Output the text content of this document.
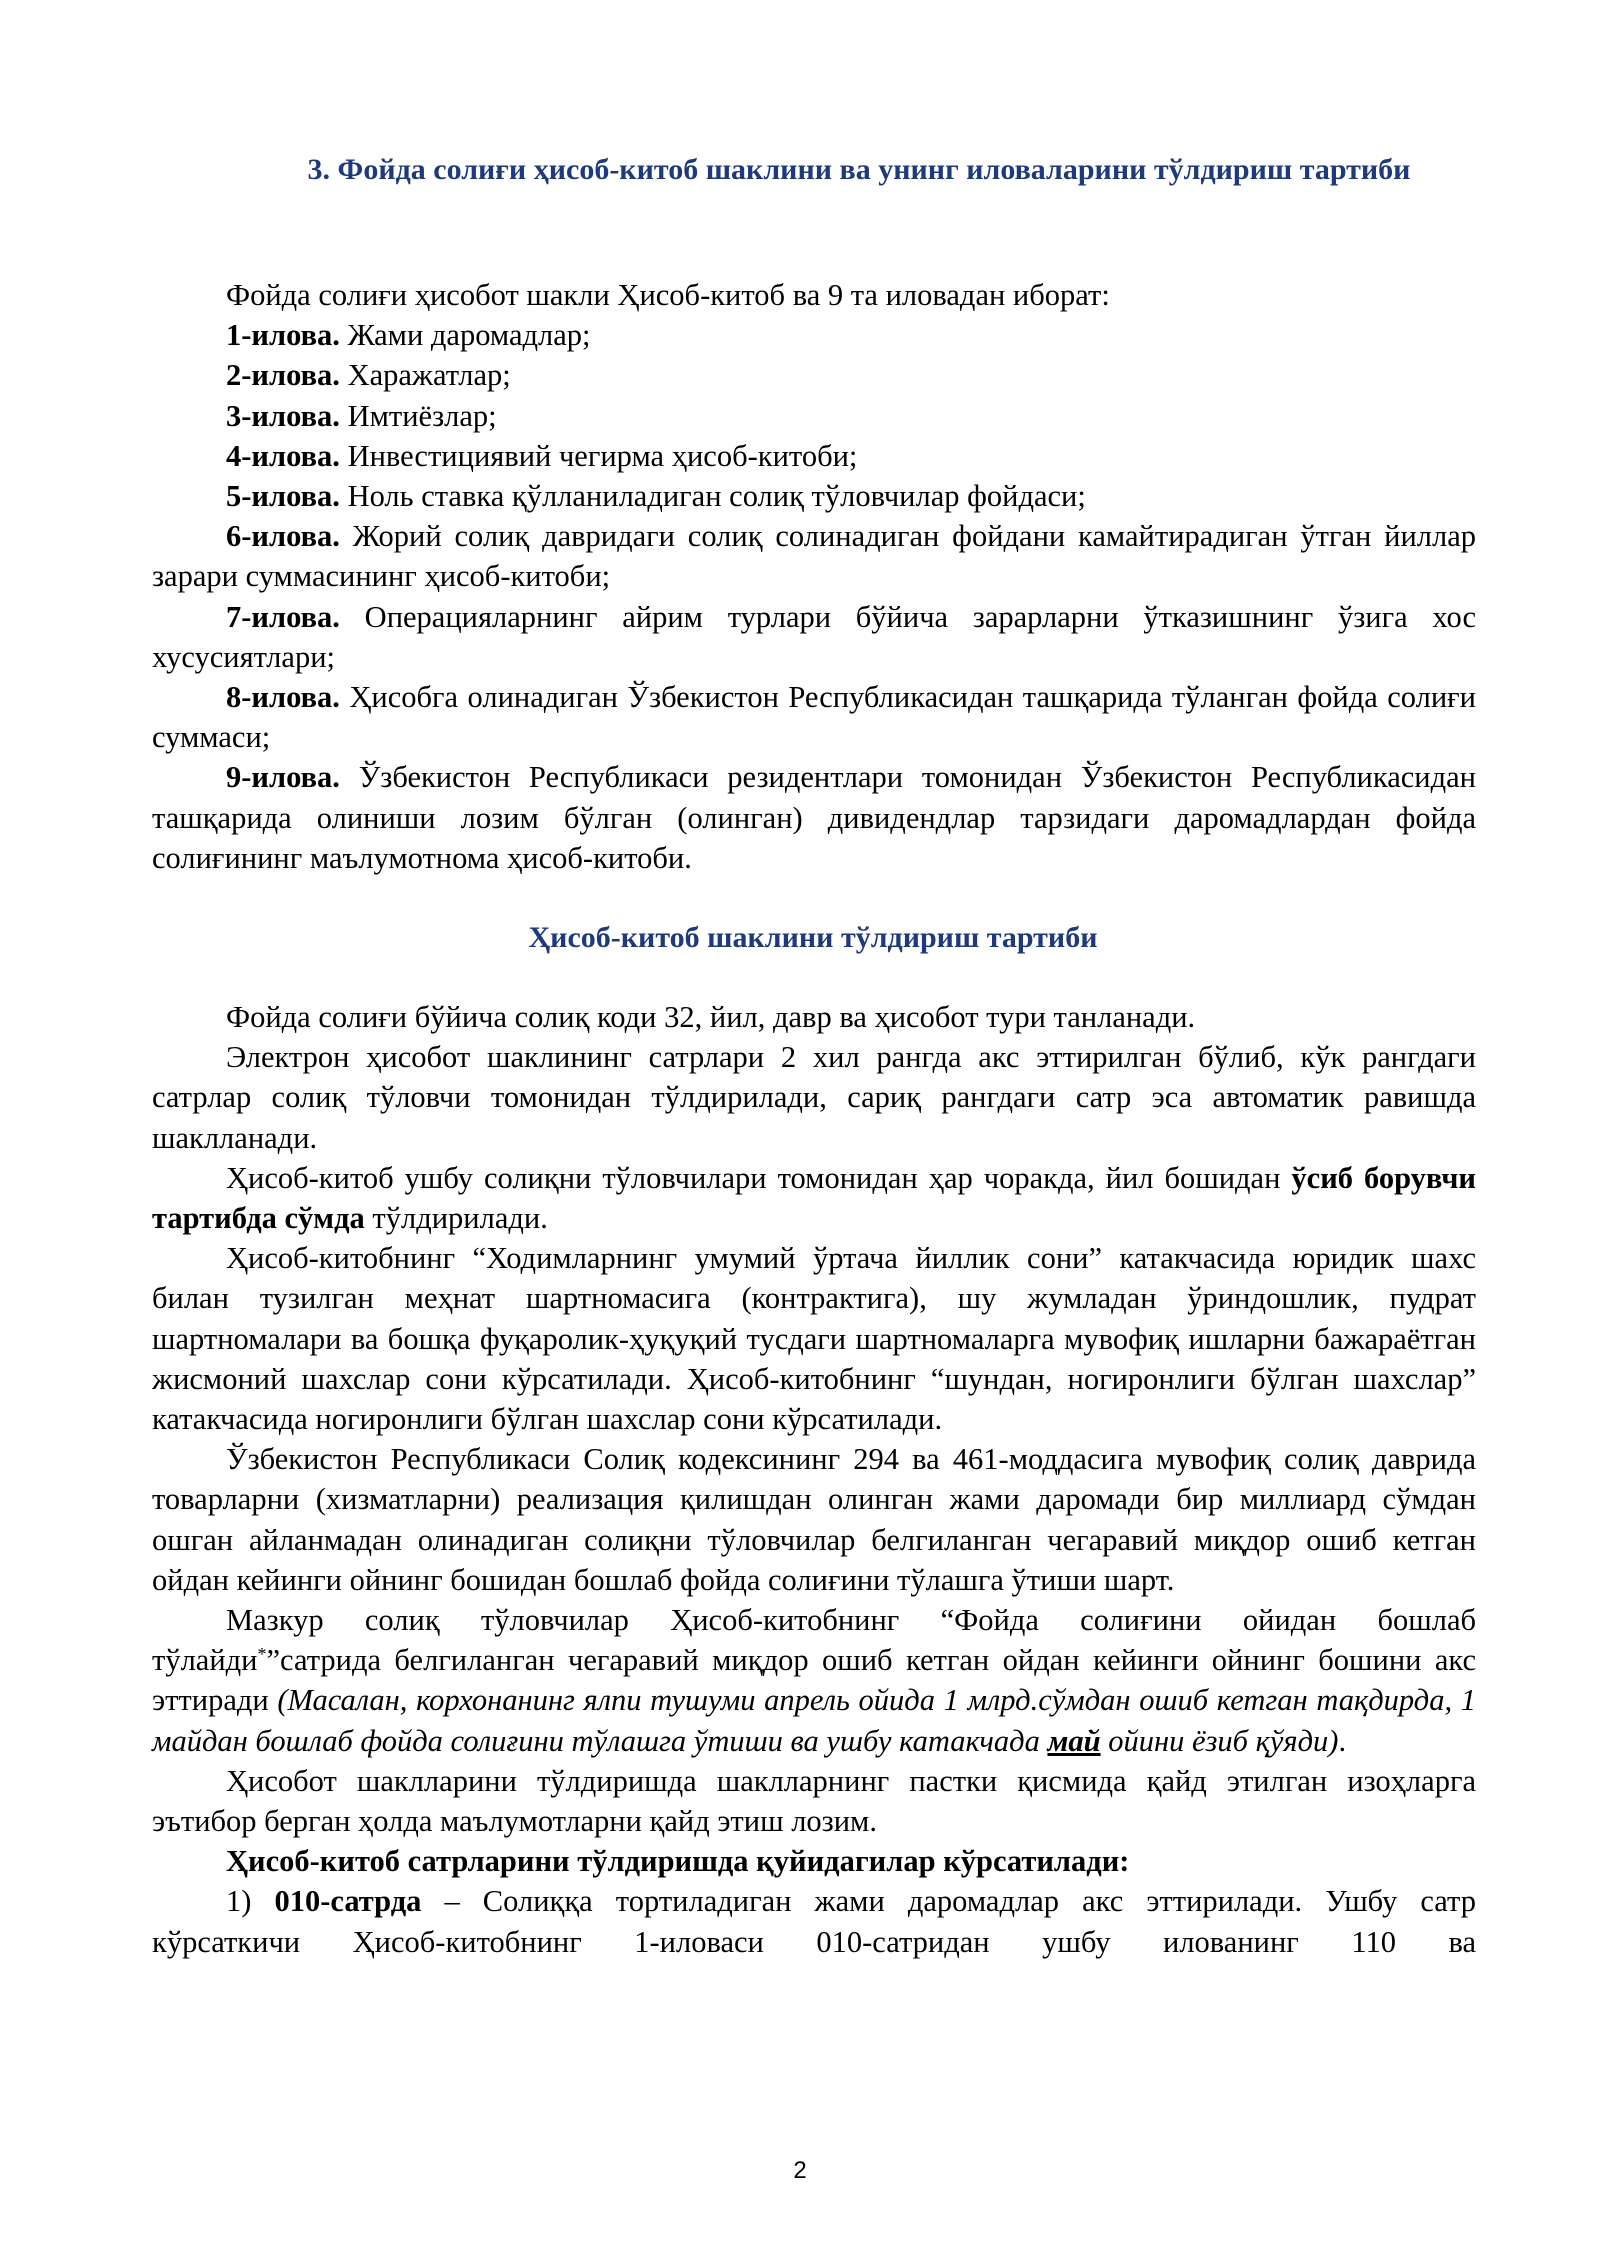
3. Фойда солиғи ҳисоб-китоб шаклини ва унинг иловаларини тўлдириш тартиби

Фойда солиғи ҳисобот шакли Ҳисоб-китоб ва 9 та иловадан иборат:

1-илова. Жами даромадлар;

2-илова. Харажатлар;

3-илова. Имтиёзлар;

4-илова. Инвестициявий чегирма ҳисоб-китоби;

5-илова. Ноль ставка қўлланиладиган солиқ тўловчилар фойдаси;

6-илова. Жорий солиқ давридаги солиқ солинадиган фойдани камайтирадиган ўтган йиллар зарари суммасининг ҳисоб-китоби;

7-илова. Операцияларнинг айрим турлари бўйича зарарларни ўтказишнинг ўзига хос хусусиятлари;

8-илова. Ҳисобга олинадиган Ўзбекистон Республикасидан ташқарида тўланган фойда солиғи суммаси;

9-илова. Ўзбекистон Республикаси резидентлари томонидан Ўзбекистон Республикасидан ташқарида олиниши лозим бўлган (олинган) дивидендлар тарзидаги даромадлардан фойда солиғининг маълумотнома ҳисоб-китоби.

Ҳисоб-китоб шаклини тўлдириш тартиби

Фойда солиғи бўйича солиқ коди 32, йил, давр ва ҳисобот тури танланади.

Электрон ҳисобот шаклининг сатрлари 2 хил рангда акс эттирилган бўлиб, кўк рангдаги сатрлар солиқ тўловчи томонидан тўлдирилади, сариқ рангдаги сатр эса автоматик равишда шаклланади.

Ҳисоб-китоб ушбу солиқни тўловчилари томонидан ҳар чоракда, йил бошидан ўсиб борувчи тартибда сўмда тўлдирилади.

Ҳисоб-китобнинг “Ходимларнинг умумий ўртача йиллик сони” катакчасида юридик шахс билан тузилган меҳнат шартномасига (контрактига), шу жумладан ўриндошлик, пудрат шартномалари ва бошқа фуқаролик-ҳуқуқий тусдаги шартномаларга мувофиқ ишларни бажараётган жисмоний шахслар сони кўрсатилади. Ҳисоб-китобнинг “шундан, ногиронлиги бўлган шахслар” катакчасида ногиронлиги бўлган шахслар сони кўрсатилади.

Ўзбекистон Республикаси Солиқ кодексининг 294 ва 461-моддасига мувофиқ солиқ даврида товарларни (хизматларни) реализация қилишдан олинган жами даромади бир миллиард сўмдан ошган айланмадан олинадиган солиқни тўловчилар белгиланган чегаравий миқдор ошиб кетган ойдан кейинги ойнинг бошидан бошлаб фойда солиғини тўлашга ўтиши шарт.

Мазкур солиқ тўловчилар Ҳисоб-китобнинг “Фойда солиғини ойидан бошлаб тўлайди*”сатрида белгиланган чегаравий миқдор ошиб кетган ойдан кейинги ойнинг бошини акс эттиради (Масалан, корхонанинг ялпи тушуми апрель ойида 1 млрд.сўмдан ошиб кетган тақдирда, 1 майдан бошлаб фойда солиғини тўлашга ўтиши ва ушбу катакчада май ойини ёзиб қўяди).

Ҳисобот шаклларини тўлдиришда шаклларнинг пастки қисмида қайд этилган изоҳларга эътибор берган ҳолда маълумотларни қайд этиш лозим.

Ҳисоб-китоб сатрларини тўлдиришда қуйидагилар кўрсатилади:

1) 010-сатрда – Солиққа тортиладиган жами даромадлар акс эттирилади. Ушбу сатр кўрсаткичи Ҳисоб-китобнинг 1-иловаси 010-сатридан ушбу илованинг 110 ва

2
